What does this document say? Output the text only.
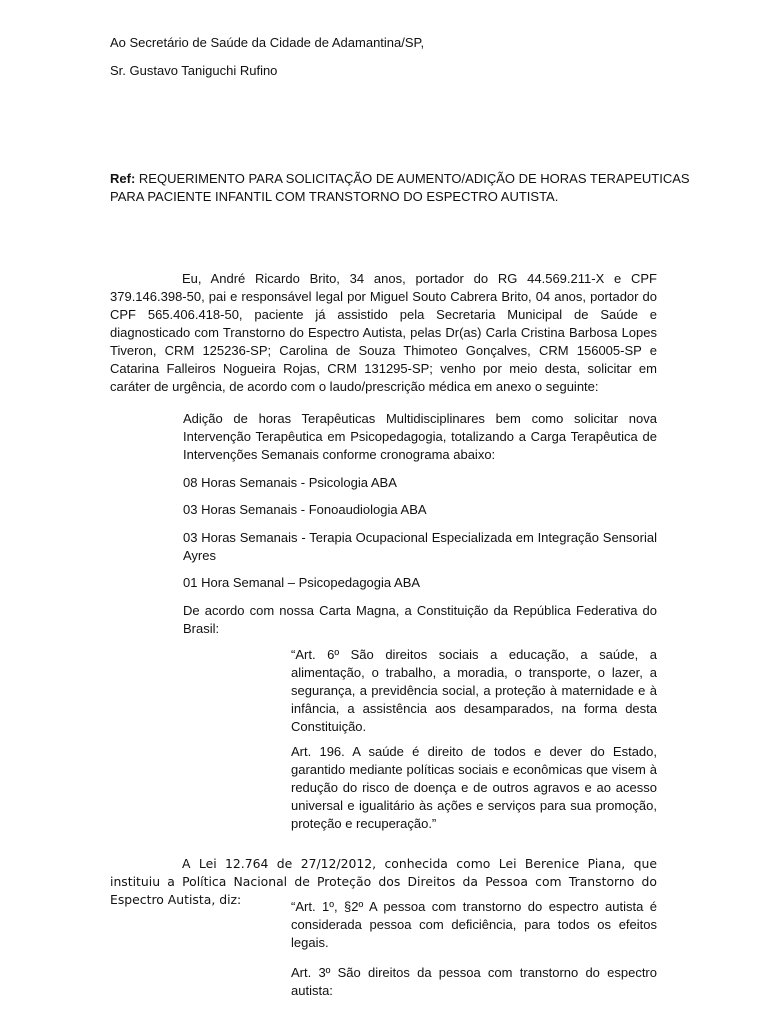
Ao Secretário de Saúde da Cidade de Adamantina/SP,
Sr. Gustavo Taniguchi Rufino
Ref: REQUERIMENTO PARA SOLICITAÇÃO DE AUMENTO/ADIÇÃO DE HORAS TERAPEUTICAS
PARA PACIENTE INFANTIL COM TRANSTORNO DO ESPECTRO AUTISTA.
Eu, André Ricardo Brito, 34 anos, portador do RG 44.569.211-X e CPF 379.146.398-50, pai e responsável legal por Miguel Souto Cabrera Brito, 04 anos, portador do CPF 565.406.418-50, paciente já assistido pela Secretaria Municipal de Saúde e diagnosticado com Transtorno do Espectro Autista, pelas Dr(as) Carla Cristina Barbosa Lopes Tiveron, CRM 125236-SP; Carolina de Souza Thimoteo Gonçalves, CRM 156005-SP e Catarina Falleiros Nogueira Rojas, CRM 131295-SP; venho por meio desta, solicitar em caráter de urgência, de acordo com o laudo/prescrição médica em anexo o seguinte:
Adição de horas Terapêuticas Multidisciplinares bem como solicitar nova Intervenção Terapêutica em Psicopedagogia, totalizando a Carga Terapêutica de Intervenções Semanais conforme cronograma abaixo:
08 Horas Semanais - Psicologia ABA
03 Horas Semanais - Fonoaudiologia ABA
03 Horas Semanais - Terapia Ocupacional Especializada em Integração Sensorial Ayres
01 Hora Semanal – Psicopedagogia ABA
De acordo com nossa Carta Magna, a Constituição da República Federativa do Brasil:
“Art. 6º São direitos sociais a educação, a saúde, a alimentação, o trabalho, a moradia, o transporte, o lazer, a segurança, a previdência social, a proteção à maternidade e à infância, a assistência aos desamparados, na forma desta Constituição.
Art. 196. A saúde é direito de todos e dever do Estado, garantido mediante políticas sociais e econômicas que visem à redução do risco de doença e de outros agravos e ao acesso universal e igualitário às ações e serviços para sua promoção, proteção e recuperação.”
A Lei 12.764 de 27/12/2012, conhecida como Lei Berenice Piana, que instituiu a Política Nacional de Proteção dos Direitos da Pessoa com Transtorno do Espectro Autista, diz:	“Art. 1º, §2º A pessoa com transtorno do espectro autista é considerada pessoa com deficiência, para todos os efeitos legais.
Art. 3º São direitos da pessoa com transtorno do espectro autista:
